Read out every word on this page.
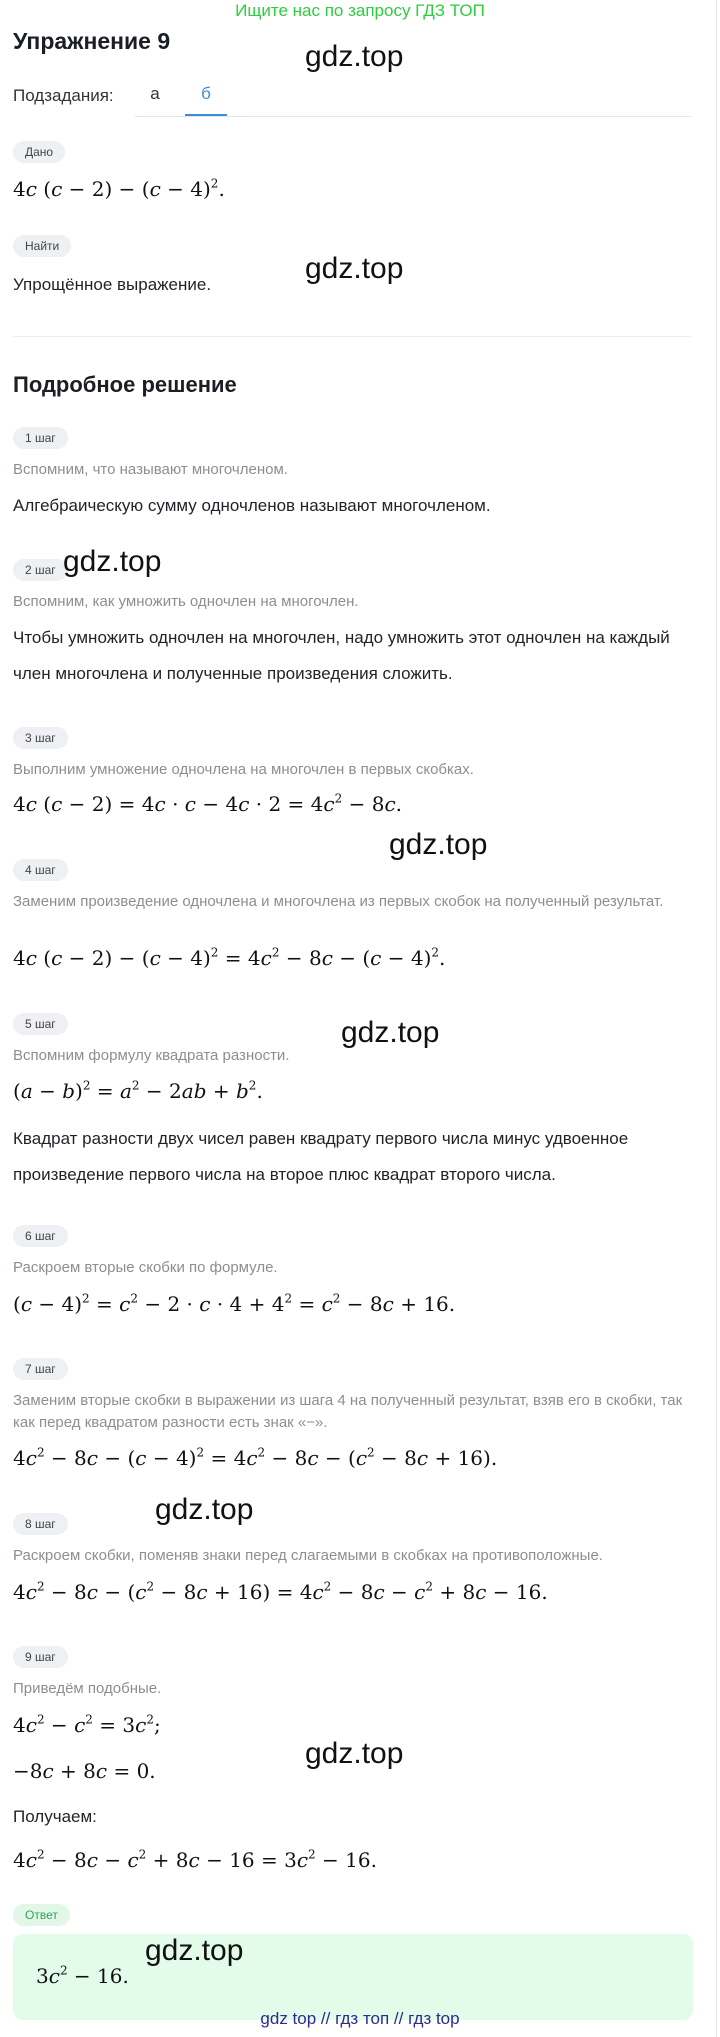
Ищите нас по запросу ГДЗ ТОП
Упражнение 9
Подзадания:	а	б
Дано
4c $(c - 2) - (c - 4)^2$.
Найти
Упрощённое выражение.
Подробное решение
1 шаг
Вспомним, что называют многочленом.
Алгебраическую сумму одночленов называют многочленом.
2 шаг
Вспомним, как умножить одночлен на многочлен.
Чтобы умножить одночлен на многочлен, надо умножить этот одночлен на каждый член многочлена и полученные произведения сложить.
3 шаг
Выполним умножение одночлена на многочлен в первых скобках.
4c $(c - 2) = 4c \cdot c - 4c \cdot 2 = 4c^2 - 8c$.
4 шаг
Заменим произведение одночлена и многочлена из первых скобок на полученный результат.
4c $(c - 2) - (c - 4)^2 = 4c^2 - 8c - (c - 4)^2$.
5 шаг
Вспомним формулу квадрата разности.
$(a - b)^2 = a^2 - 2ab + b^2$.
Квадрат разности двух чисел равен квадрату первого числа минус удвоенное произведение первого числа на второе плюс квадрат второго числа.
6 шаг
Раскроем вторые скобки по формуле.
$(c - 4)^2 = c^2 - 2 \cdot c \cdot 4 + 4^2 = c^2 - 8c + 16$.
7 шаг
Заменим вторые скобки в выражении из шага 4 на полученный результат, взяв его в скобки, так как перед квадратом разности есть знак «−».
$4c^2 - 8c - (c - 4)^2 = 4c^2 - 8c - (c^2 - 8c + 16)$.
8 шаг
Раскроем скобки, поменяв знаки перед слагаемыми в скобках на противоположные.
$4c^2 - 8c - (c^2 - 8c + 16) = 4c^2 - 8c - c^2 + 8c - 16$.
9 шаг
Приведём подобные.
$4c^2 - c^2 = 3c^2$;
−8c + 8c = 0.
Получаем:
$4c^2 - 8c - c^2 + 8c - 16 = 3c^2 - 16$.
Ответ
$3c^2 - 16$.
gdz.top
gdz.top
gdz.top
gdz.top
gdz.top
gdz.top
gdz.top
gdz.top
gdz top // гдз топ // гдз top
